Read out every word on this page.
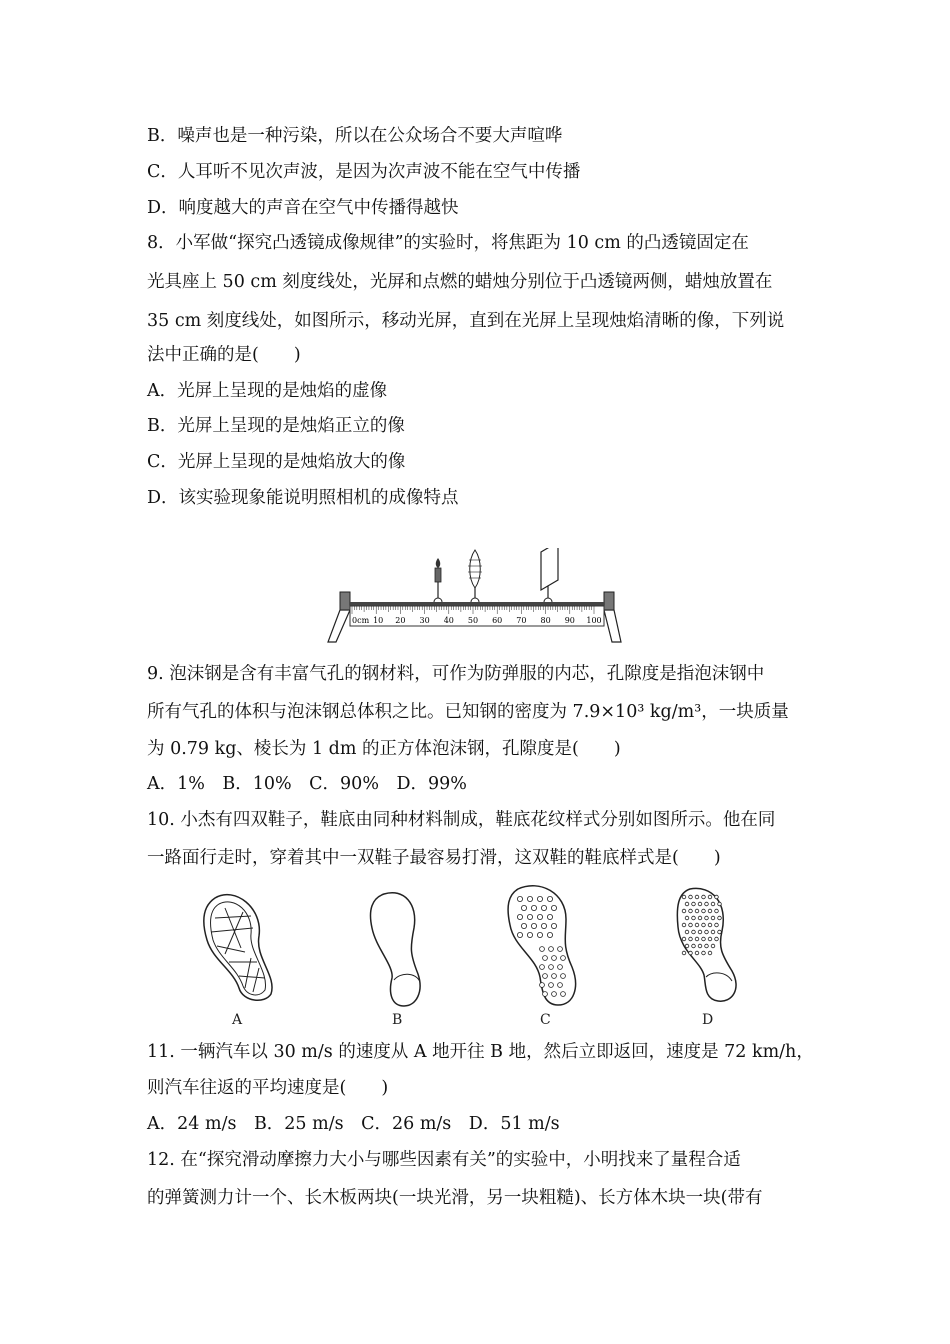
B．噪声也是一种污染，所以在公众场合不要大声喧哗
C．人耳听不见次声波，是因为次声波不能在空气中传播
D．响度越大的声音在空气中传播得越快
8．小军做“探究凸透镜成像规律”的实验时，将焦距为 10 cm 的凸透镜固定在
光具座上 50 cm 刻度线处，光屏和点燃的蜡烛分别位于凸透镜两侧，蜡烛放置在
35 cm 刻度线处，如图所示，移动光屏，直到在光屏上呈现烛焰清晰的像，下列说
法中正确的是(　　)
A．光屏上呈现的是烛焰的虚像
B．光屏上呈现的是烛焰正立的像
C．光屏上呈现的是烛焰放大的像
D．该实验现象能说明照相机的成像特点
0cm 10 20 30 40 50 60 70 80 90 100
9. 泡沫钢是含有丰富气孔的钢材料，可作为防弹服的内芯，孔隙度是指泡沫钢中
所有气孔的体积与泡沫钢总体积之比。已知钢的密度为 7.9×10³ kg/m³，一块质量
为 0.79 kg、棱长为 1 dm 的正方体泡沫钢，孔隙度是(　　)
A．1%　B．10%　C．90%　D．99%
10. 小杰有四双鞋子，鞋底由同种材料制成，鞋底花纹样式分别如图所示。他在同
一路面行走时，穿着其中一双鞋子最容易打滑，这双鞋的鞋底样式是(　　)
A	B	C	D
11. 一辆汽车以 30 m/s 的速度从 A 地开往 B 地，然后立即返回，速度是 72 km/h，
则汽车往返的平均速度是(　　)
A．24 m/s　B．25 m/s　C．26 m/s　D．51 m/s
12. 在“探究滑动摩擦力大小与哪些因素有关”的实验中，小明找来了量程合适
的弹簧测力计一个、长木板两块(一块光滑，另一块粗糙)、长方体木块一块(带有
